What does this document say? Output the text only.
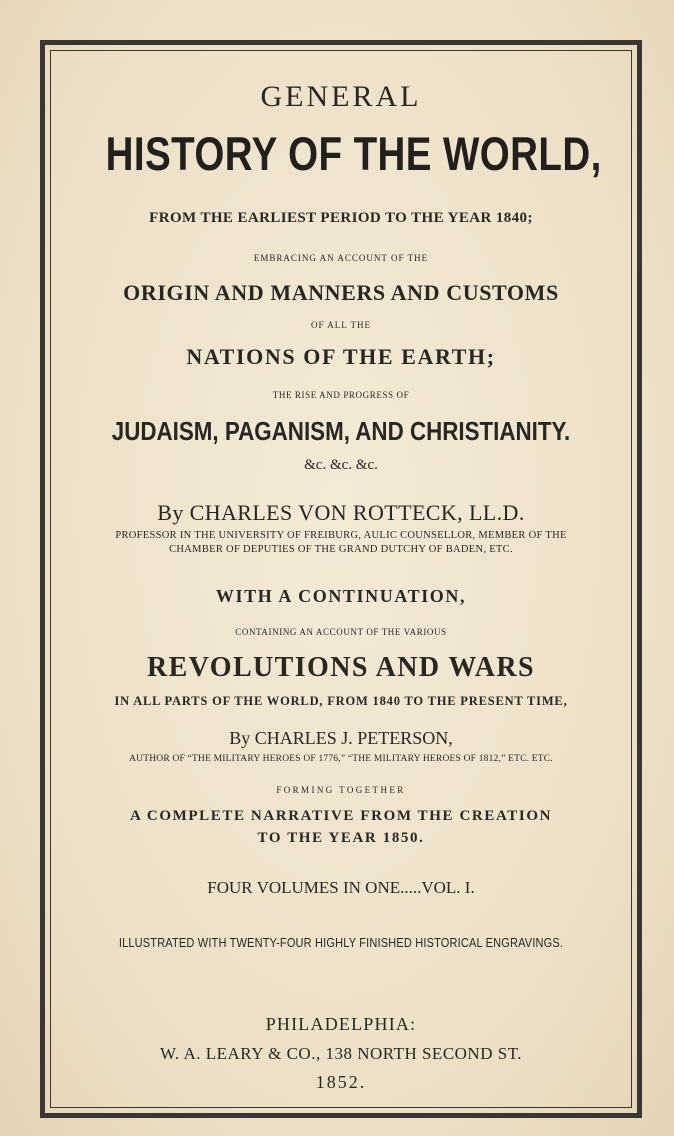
GENERAL
HISTORY OF THE WORLD,
FROM THE EARLIEST PERIOD TO THE YEAR 1840;
EMBRACING AN ACCOUNT OF THE
ORIGIN AND MANNERS AND CUSTOMS
OF ALL THE
NATIONS OF THE EARTH;
THE RISE AND PROGRESS OF
JUDAISM, PAGANISM, AND CHRISTIANITY.
&c. &c. &c.
By CHARLES VON ROTTECK, LL.D.
PROFESSOR IN THE UNIVERSITY OF FREIBURG, AULIC COUNSELLOR, MEMBER OF THE
CHAMBER OF DEPUTIES OF THE GRAND DUTCHY OF BADEN, ETC.
WITH A CONTINUATION,
CONTAINING AN ACCOUNT OF THE VARIOUS
REVOLUTIONS AND WARS
IN ALL PARTS OF THE WORLD, FROM 1840 TO THE PRESENT TIME,
By CHARLES J. PETERSON,
AUTHOR OF “THE MILITARY HEROES OF 1776,” “THE MILITARY HEROES OF 1812,” ETC. ETC.
FORMING TOGETHER
A COMPLETE NARRATIVE FROM THE CREATION
TO THE YEAR 1850.
FOUR VOLUMES IN ONE.....VOL. I.
ILLUSTRATED WITH TWENTY-FOUR HIGHLY FINISHED HISTORICAL ENGRAVINGS.
PHILADELPHIA:
W. A. LEARY & CO., 138 NORTH SECOND ST.
1852.
